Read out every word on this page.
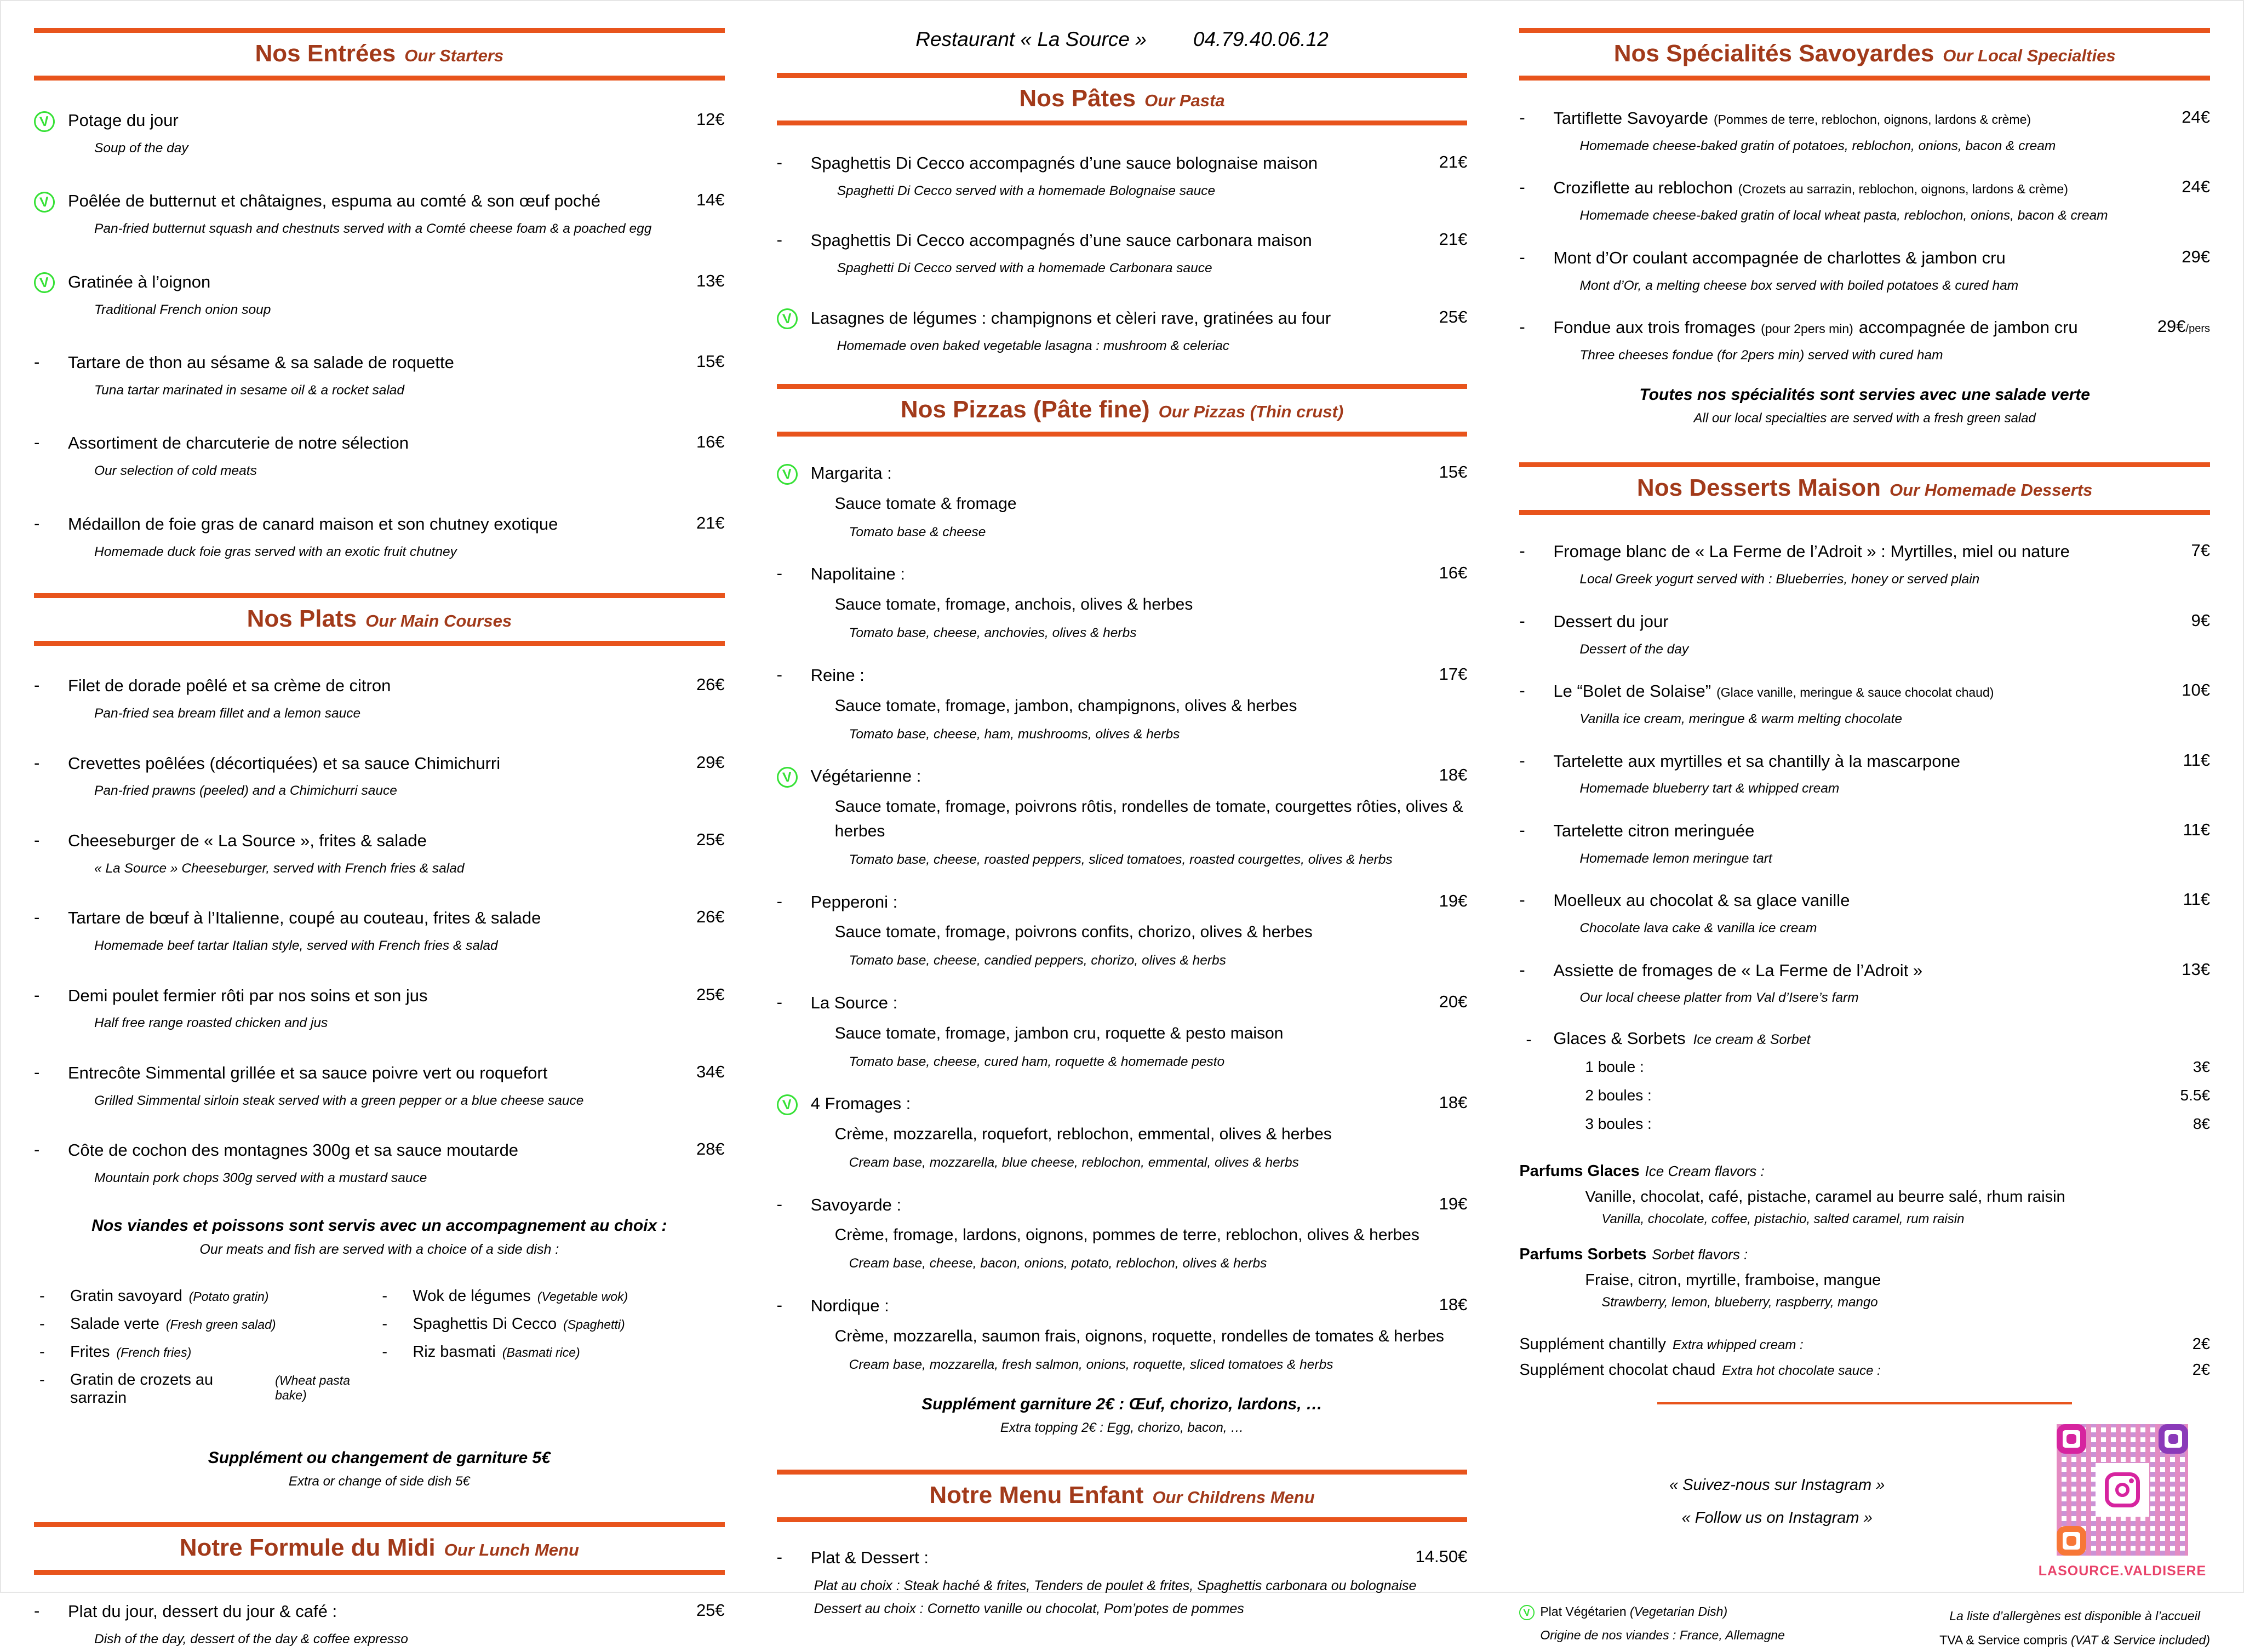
Nos Entrées Our Starters
V	Potage du jour	12€
Soup of the day
V	Poêlée de butternut et châtaignes, espuma au comté & son œuf poché	14€
Pan-fried butternut squash and chestnuts served with a Comté cheese foam & a poached egg
V	Gratinée à l’oignon	13€
Traditional French onion soup
-	Tartare de thon au sésame & sa salade de roquette	15€
Tuna tartar marinated in sesame oil & a rocket salad
-	Assortiment de charcuterie de notre sélection	16€
Our selection of cold meats
-	Médaillon de foie gras de canard maison et son chutney exotique	21€
Homemade duck foie gras served with an exotic fruit chutney
Nos Plats Our Main Courses
-	Filet de dorade poêlé et sa crème de citron	26€
Pan-fried sea bream fillet and a lemon sauce
-	Crevettes poêlées (décortiquées) et sa sauce Chimichurri	29€
Pan-fried prawns (peeled) and a Chimichurri sauce
-	Cheeseburger de « La Source », frites & salade	25€
« La Source » Cheeseburger, served with French fries & salad
-	Tartare de bœuf à l’Italienne, coupé au couteau, frites & salade	26€
Homemade beef tartar Italian style, served with French fries & salad
-	Demi poulet fermier rôti par nos soins et son jus	25€
Half free range roasted chicken and jus
-	Entrecôte Simmental grillée et sa sauce poivre vert ou roquefort	34€
Grilled Simmental sirloin steak served with a green pepper or a blue cheese sauce
-	Côte de cochon des montagnes 300g et sa sauce moutarde	28€
Mountain pork chops 300g served with a mustard sauce
Nos viandes et poissons sont servis avec un accompagnement au choix :
Our meats and fish are served with a choice of a side dish :
-	Gratin savoyard (Potato gratin)
-	Salade verte (Fresh green salad)
-	Frites (French fries)
-	Gratin de crozets au sarrazin
(Wheat pasta bake)
-	Wok de légumes (Vegetable wok)
-	Spaghettis Di Cecco (Spaghetti)
-	Riz basmati (Basmati rice)
Supplément ou changement de garniture 5€
Extra or change of side dish 5€
Notre Formule du Midi Our Lunch Menu
-	Plat du jour, dessert du jour & café :	25€
Dish of the day, dessert of the day & coffee expresso
Restaurant « La Source » 04.79.40.06.12
Nos Pâtes Our Pasta
-	Spaghettis Di Cecco accompagnés d’une sauce bolognaise maison	21€
Spaghetti Di Cecco served with a homemade Bolognaise sauce
-	Spaghettis Di Cecco accompagnés d’une sauce carbonara maison	21€
Spaghetti Di Cecco served with a homemade Carbonara sauce
V	Lasagnes de légumes : champignons et cèleri rave, gratinées au four	25€
Homemade oven baked vegetable lasagna : mushroom & celeriac
Nos Pizzas (Pâte fine) Our Pizzas (Thin crust)
V	Margarita :	15€
Sauce tomate & fromage
Tomato base & cheese
-	Napolitaine :	16€
Sauce tomate, fromage, anchois, olives & herbes
Tomato base, cheese, anchovies, olives & herbs
-	Reine :	17€
Sauce tomate, fromage, jambon, champignons, olives & herbes
Tomato base, cheese, ham, mushrooms, olives & herbs
V	Végétarienne :	18€
Sauce tomate, fromage, poivrons rôtis, rondelles de tomate, courgettes rôties, olives & herbes
Tomato base, cheese, roasted peppers, sliced tomatoes, roasted courgettes, olives & herbs
-	Pepperoni :	19€
Sauce tomate, fromage, poivrons confits, chorizo, olives & herbes
Tomato base, cheese, candied peppers, chorizo, olives & herbs
-	La Source :	20€
Sauce tomate, fromage, jambon cru, roquette & pesto maison
Tomato base, cheese, cured ham, roquette & homemade pesto
V	4 Fromages :	18€
Crème, mozzarella, roquefort, reblochon, emmental, olives & herbes
Cream base, mozzarella, blue cheese, reblochon, emmental, olives & herbs
-	Savoyarde :	19€
Crème, fromage, lardons, oignons, pommes de terre, reblochon, olives & herbes
Cream base, cheese, bacon, onions, potato, reblochon, olives & herbs
-	Nordique :	18€
Crème, mozzarella, saumon frais, oignons, roquette, rondelles de tomates & herbes
Cream base, mozzarella, fresh salmon, onions, roquette, sliced tomatoes & herbs
Supplément garniture 2€ : Œuf, chorizo, lardons, …
Extra topping 2€ : Egg, chorizo, bacon, …
Notre Menu Enfant Our Childrens Menu
-	Plat & Dessert :	14.50€
Plat au choix : Steak haché & frites, Tenders de poulet & frites, Spaghettis carbonara ou bolognaise
Dessert au choix : Cornetto vanille ou chocolat, Pom’potes de pommes
Nos Spécialités Savoyardes Our Local Specialties
-	Tartiflette Savoyarde (Pommes de terre, reblochon, oignons, lardons & crème)	24€
Homemade cheese-baked gratin of potatoes, reblochon, onions, bacon & cream
-	Croziflette au reblochon (Crozets au sarrazin, reblochon, oignons, lardons & crème)	24€
Homemade cheese-baked gratin of local wheat pasta, reblochon, onions, bacon & cream
-	Mont d’Or coulant accompagnée de charlottes & jambon cru	29€
Mont d’Or, a melting cheese box served with boiled potatoes & cured ham
-	Fondue aux trois fromages (pour 2pers min) accompagnée de jambon cru	29€/pers
Three cheeses fondue (for 2pers min) served with cured ham
Toutes nos spécialités sont servies avec une salade verte
All our local specialties are served with a fresh green salad
Nos Desserts Maison Our Homemade Desserts
-	Fromage blanc de « La Ferme de l’Adroit » : Myrtilles, miel ou nature	7€
Local Greek yogurt served with : Blueberries, honey or served plain
-	Dessert du jour	9€
Dessert of the day
-	Le “Bolet de Solaise” (Glace vanille, meringue & sauce chocolat chaud)	10€
Vanilla ice cream, meringue & warm melting chocolate
-	Tartelette aux myrtilles et sa chantilly à la mascarpone	11€
Homemade blueberry tart & whipped cream
-	Tartelette citron meringuée	11€
Homemade lemon meringue tart
-	Moelleux au chocolat & sa glace vanille	11€
Chocolate lava cake & vanilla ice cream
-	Assiette de fromages de « La Ferme de l’Adroit »	13€
Our local cheese platter from Val d’Isere’s farm
-	Glaces & Sorbets Ice cream & Sorbet
1 boule :	3€
2 boules :	5.5€
3 boules :	8€
Parfums Glaces Ice Cream flavors :
Vanille, chocolat, café, pistache, caramel au beurre salé, rhum raisin
Vanilla, chocolate, coffee, pistachio, salted caramel, rum raisin
Parfums Sorbets Sorbet flavors :
Fraise, citron, myrtille, framboise, mangue
Strawberry, lemon, blueberry, raspberry, mango
Supplément chantilly Extra whipped cream :	2€
Supplément chocolat chaud Extra hot chocolate sauce :	2€
« Suivez-nous sur Instagram »
« Follow us on Instagram »
LASOURCE.VALDISERE
V Plat Végétarien (Vegetarian Dish)
Origine de nos viandes : France, Allemagne
La liste d’allergènes est disponible à l’accueil
TVA & Service compris (VAT & Service included)
